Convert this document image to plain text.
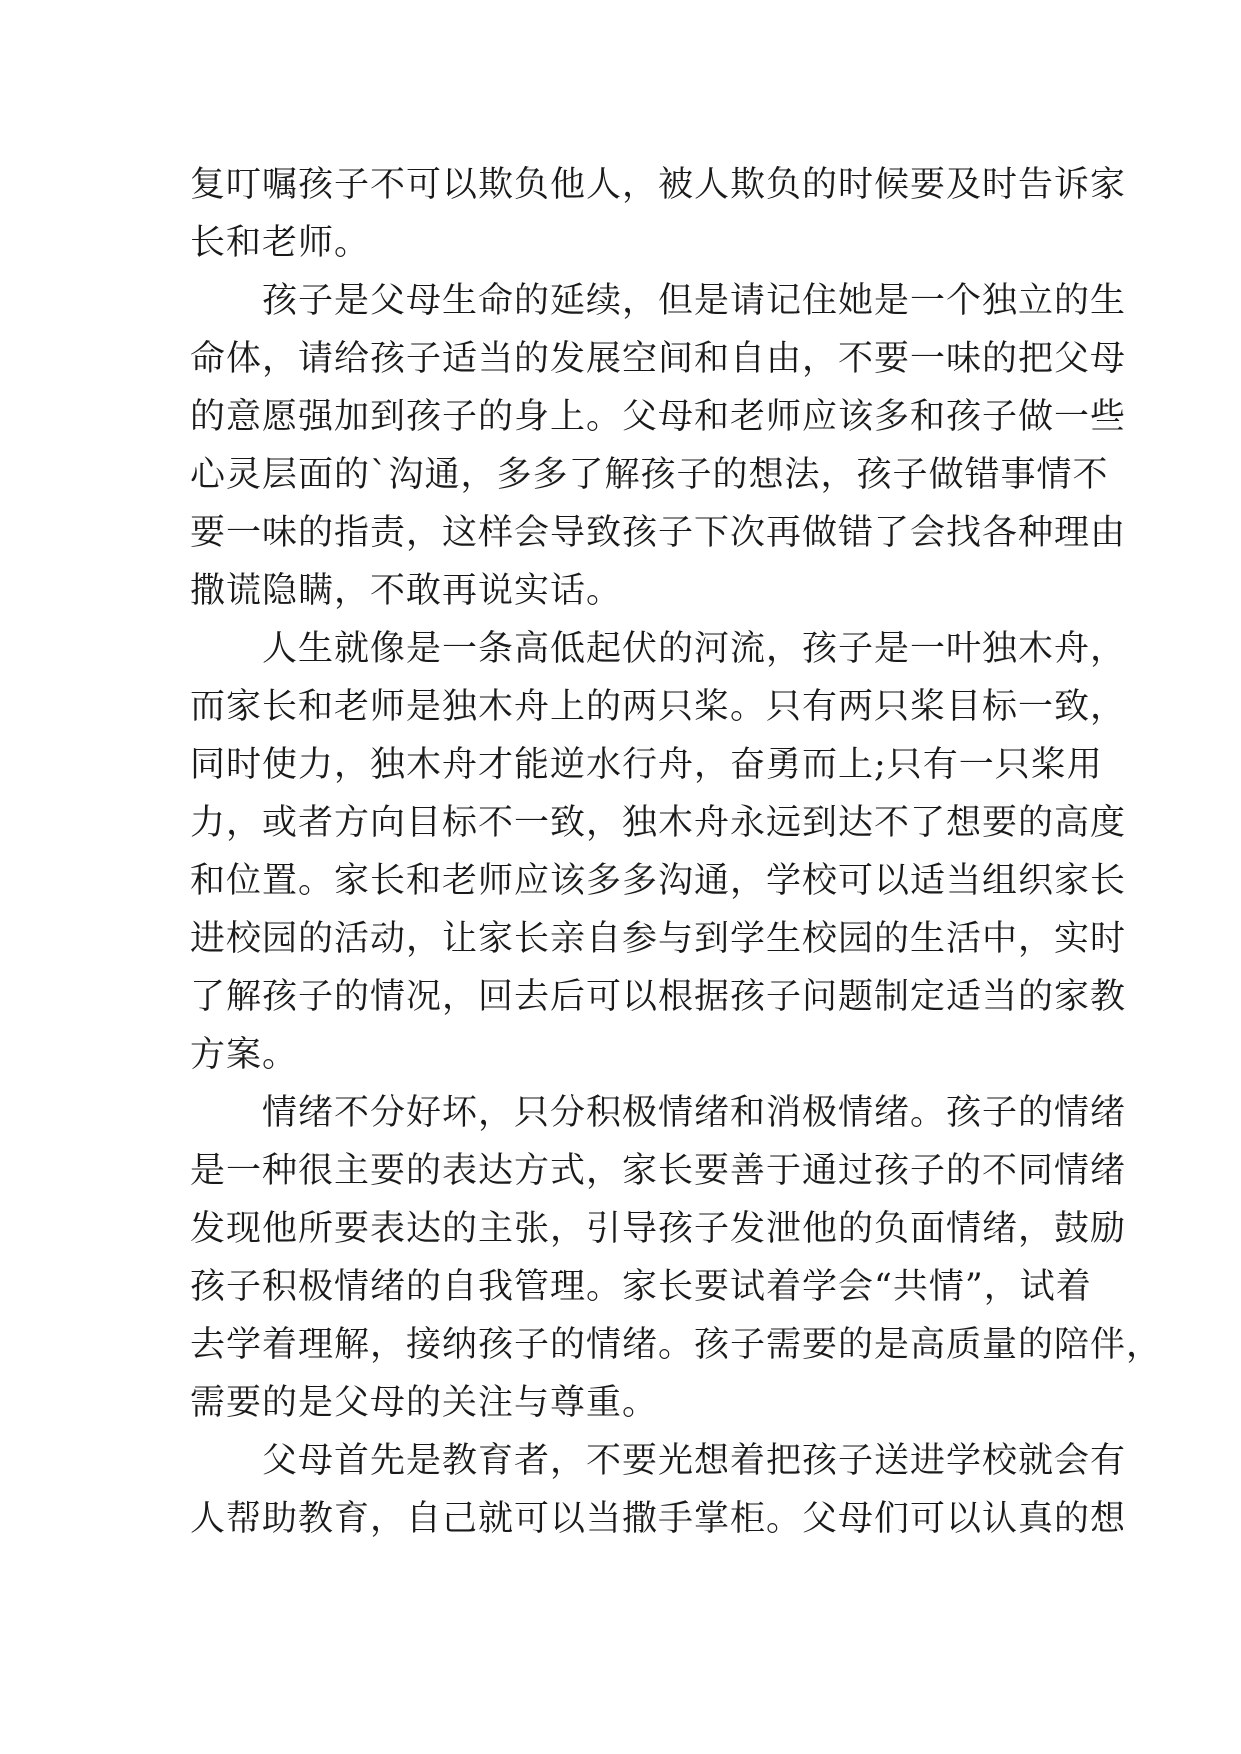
复叮嘱孩子不可以欺负他人，被人欺负的时候要及时告诉家
长和老师。
　　孩子是父母生命的延续，但是请记住她是一个独立的生
命体，请给孩子适当的发展空间和自由，不要一味的把父母
的意愿强加到孩子的身上。父母和老师应该多和孩子做一些
心灵层面的`沟通，多多了解孩子的想法，孩子做错事情不
要一味的指责，这样会导致孩子下次再做错了会找各种理由
撒谎隐瞒，不敢再说实话。
　　人生就像是一条高低起伏的河流，孩子是一叶独木舟，
而家长和老师是独木舟上的两只桨。只有两只桨目标一致，
同时使力，独木舟才能逆水行舟，奋勇而上;只有一只桨用
力，或者方向目标不一致，独木舟永远到达不了想要的高度
和位置。家长和老师应该多多沟通，学校可以适当组织家长
进校园的活动，让家长亲自参与到学生校园的生活中，实时
了解孩子的情况，回去后可以根据孩子问题制定适当的家教
方案。
　　情绪不分好坏，只分积极情绪和消极情绪。孩子的情绪
是一种很主要的表达方式，家长要善于通过孩子的不同情绪
发现他所要表达的主张，引导孩子发泄他的负面情绪，鼓励
孩子积极情绪的自我管理。家长要试着学会“共情”，试着
去学着理解，接纳孩子的情绪。孩子需要的是高质量的陪伴，
需要的是父母的关注与尊重。
　　父母首先是教育者，不要光想着把孩子送进学校就会有
人帮助教育，自己就可以当撒手掌柜。父母们可以认真的想
